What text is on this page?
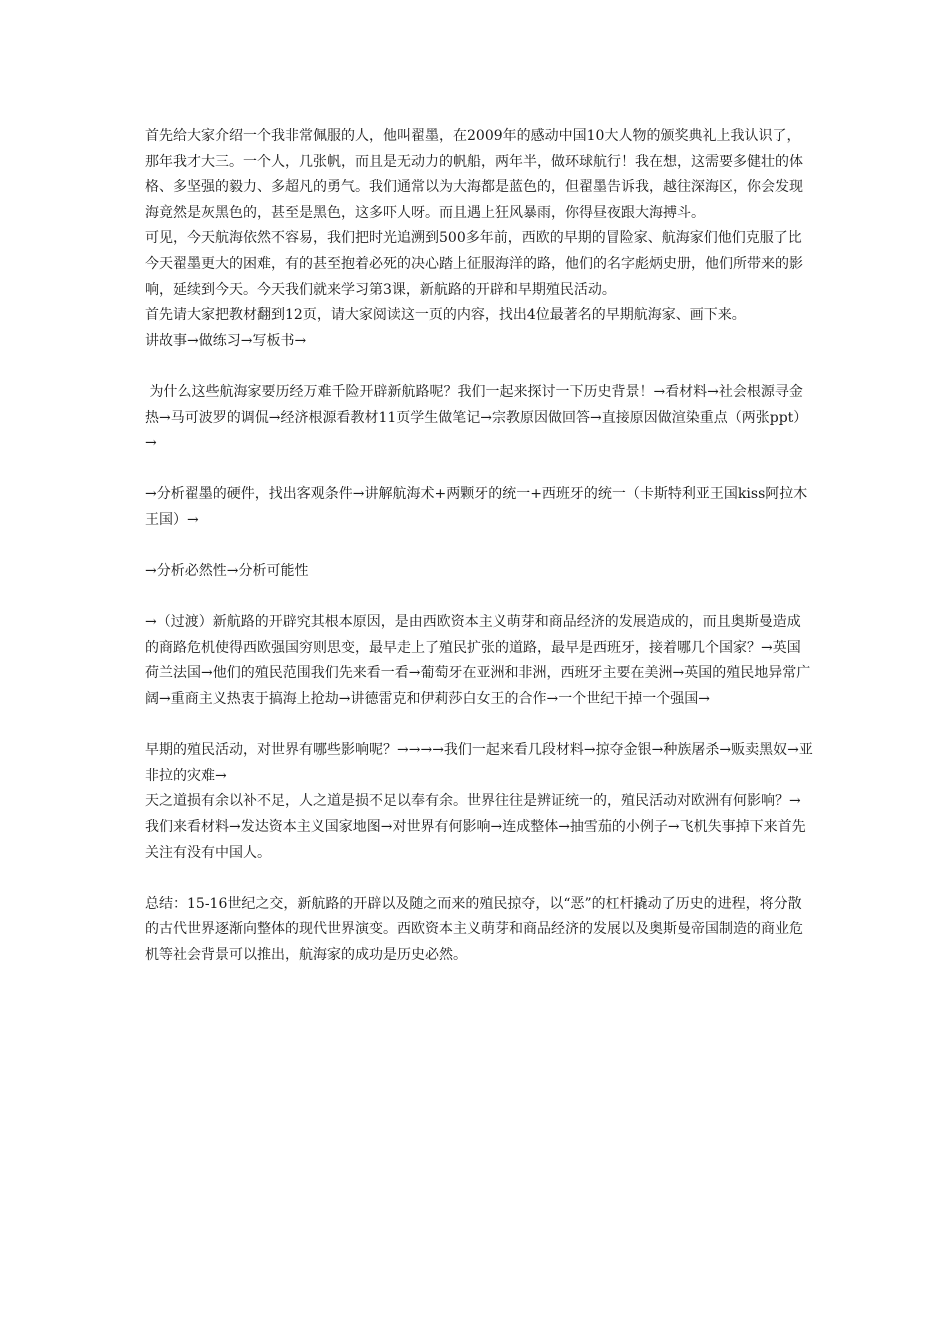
首先给大家介绍一个我非常佩服的人，他叫翟墨，在2009年的感动中国10大人物的颁奖典礼上我认识了，那年我才大三。一个人，几张帆，而且是无动力的帆船，两年半，做环球航行！我在想，这需要多健壮的体格、多坚强的毅力、多超凡的勇气。我们通常以为大海都是蓝色的，但翟墨告诉我，越往深海区，你会发现海竟然是灰黑色的，甚至是黑色，这多吓人呀。而且遇上狂风暴雨，你得昼夜跟大海搏斗。

可见，今天航海依然不容易，我们把时光追溯到500多年前，西欧的早期的冒险家、航海家们他们克服了比今天翟墨更大的困难，有的甚至抱着必死的决心踏上征服海洋的路，他们的名字彪炳史册，他们所带来的影响，延续到今天。今天我们就来学习第3课，新航路的开辟和早期殖民活动。

首先请大家把教材翻到12页，请大家阅读这一页的内容，找出4位最著名的早期航海家、画下来。

讲故事→做练习→写板书→

为什么这些航海家要历经万难千险开辟新航路呢？我们一起来探讨一下历史背景！→看材料→社会根源寻金热→马可波罗的调侃→经济根源看教材11页学生做笔记→宗教原因做回答→直接原因做渲染重点（两张ppt）→

→分析翟墨的硬件，找出客观条件→讲解航海术+两颗牙的统一+西班牙的统一（卡斯特利亚王国kiss阿拉木王国）→

→分析必然性→分析可能性

→（过渡）新航路的开辟究其根本原因，是由西欧资本主义萌芽和商品经济的发展造成的，而且奥斯曼造成的商路危机使得西欧强国穷则思变，最早走上了殖民扩张的道路，最早是西班牙，接着哪几个国家？→英国荷兰法国→他们的殖民范围我们先来看一看→葡萄牙在亚洲和非洲，西班牙主要在美洲→英国的殖民地异常广阔→重商主义热衷于搞海上抢劫→讲德雷克和伊莉莎白女王的合作→一个世纪干掉一个强国→

早期的殖民活动，对世界有哪些影响呢？→→→→我们一起来看几段材料→掠夺金银→种族屠杀→贩卖黑奴→亚非拉的灾难→

天之道损有余以补不足，人之道是损不足以奉有余。世界往往是辨证统一的，殖民活动对欧洲有何影响？→我们来看材料→发达资本主义国家地图→对世界有何影响→连成整体→抽雪茄的小例子→飞机失事掉下来首先关注有没有中国人。

总结：15-16世纪之交，新航路的开辟以及随之而来的殖民掠夺，以“恶”的杠杆撬动了历史的进程，将分散的古代世界逐渐向整体的现代世界演变。西欧资本主义萌芽和商品经济的发展以及奥斯曼帝国制造的商业危机等社会背景可以推出，航海家的成功是历史必然。
